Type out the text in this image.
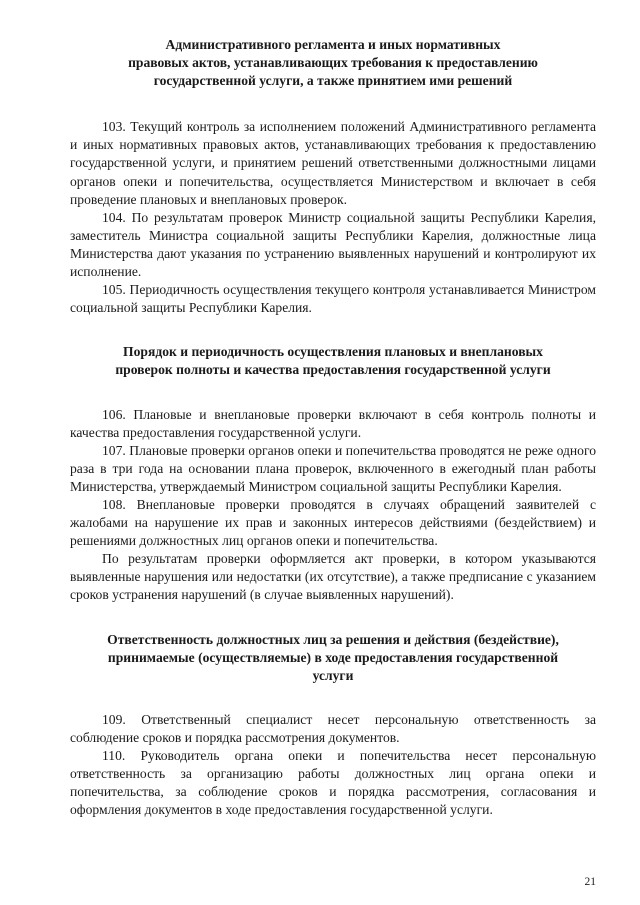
Административного регламента и иных нормативных
правовых актов, устанавливающих требования к предоставлению
государственной услуги, а также принятием ими решений

103. Текущий контроль за исполнением положений Административного регламента и иных нормативных правовых актов, устанавливающих требования к предоставлению государственной услуги, и принятием решений ответственными должностными лицами органов опеки и попечительства, осуществляется Министерством и включает в себя проведение плановых и внеплановых проверок.

104. По результатам проверок Министр социальной защиты Республики Карелия, заместитель Министра социальной защиты Республики Карелия, должностные лица Министерства дают указания по устранению выявленных нарушений и контролируют их исполнение.

105. Периодичность осуществления текущего контроля устанавливается Министром социальной защиты Республики Карелия.

Порядок и периодичность осуществления плановых и внеплановых
проверок полноты и качества предоставления государственной услуги

106. Плановые и внеплановые проверки включают в себя контроль полноты и качества предоставления государственной услуги.

107. Плановые проверки органов опеки и попечительства проводятся не реже одного раза в три года на основании плана проверок, включенного в ежегодный план работы Министерства, утверждаемый Министром социальной защиты Республики Карелия.

108. Внеплановые проверки проводятся в случаях обращений заявителей с жалобами на нарушение их прав и законных интересов действиями (бездействием) и решениями должностных лиц органов опеки и попечительства.

По результатам проверки оформляется акт проверки, в котором указываются выявленные нарушения или недостатки (их отсутствие), а также предписание с указанием сроков устранения нарушений (в случае выявленных нарушений).

Ответственность должностных лиц за решения и действия (бездействие),
принимаемые (осуществляемые) в ходе предоставления государственной
услуги

109. Ответственный специалист несет персональную ответственность за соблюдение сроков и порядка рассмотрения документов.

110. Руководитель органа опеки и попечительства несет персональную ответственность за организацию работы должностных лиц органа опеки и попечительства, за соблюдение сроков и порядка рассмотрения, согласования и оформления документов в ходе предоставления государственной услуги.

21
